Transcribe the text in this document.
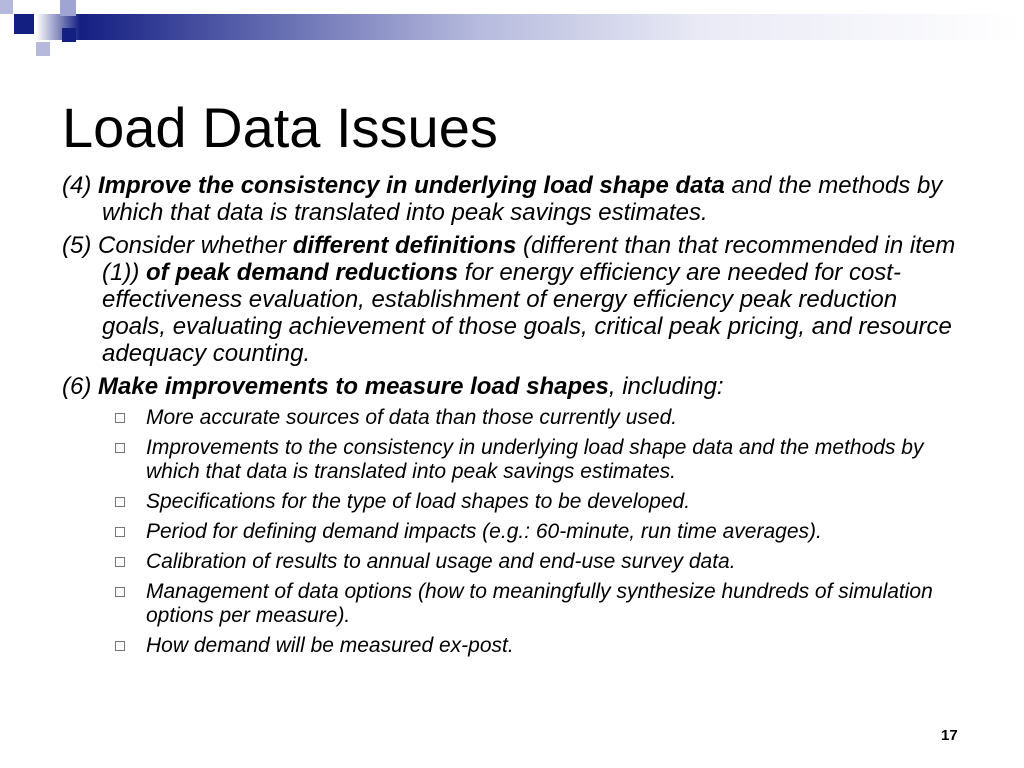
Load Data Issues

(4) Improve the consistency in underlying load shape data and the methods by which that data is translated into peak savings estimates.

(5) Consider whether different definitions (different than that recommended in item (1)) of peak demand reductions for energy efficiency are needed for cost-effectiveness evaluation, establishment of energy efficiency peak reduction goals, evaluating achievement of those goals, critical peak pricing, and resource adequacy counting.

(6) Make improvements to measure load shapes, including:

More accurate sources of data than those currently used.
Improvements to the consistency in underlying load shape data and the methods by which that data is translated into peak savings estimates.
Specifications for the type of load shapes to be developed.
Period for defining demand impacts (e.g.: 60-minute, run time averages).
Calibration of results to annual usage and end-use survey data.
Management of data options (how to meaningfully synthesize hundreds of simulation options per measure).
How demand will be measured ex-post.
17
